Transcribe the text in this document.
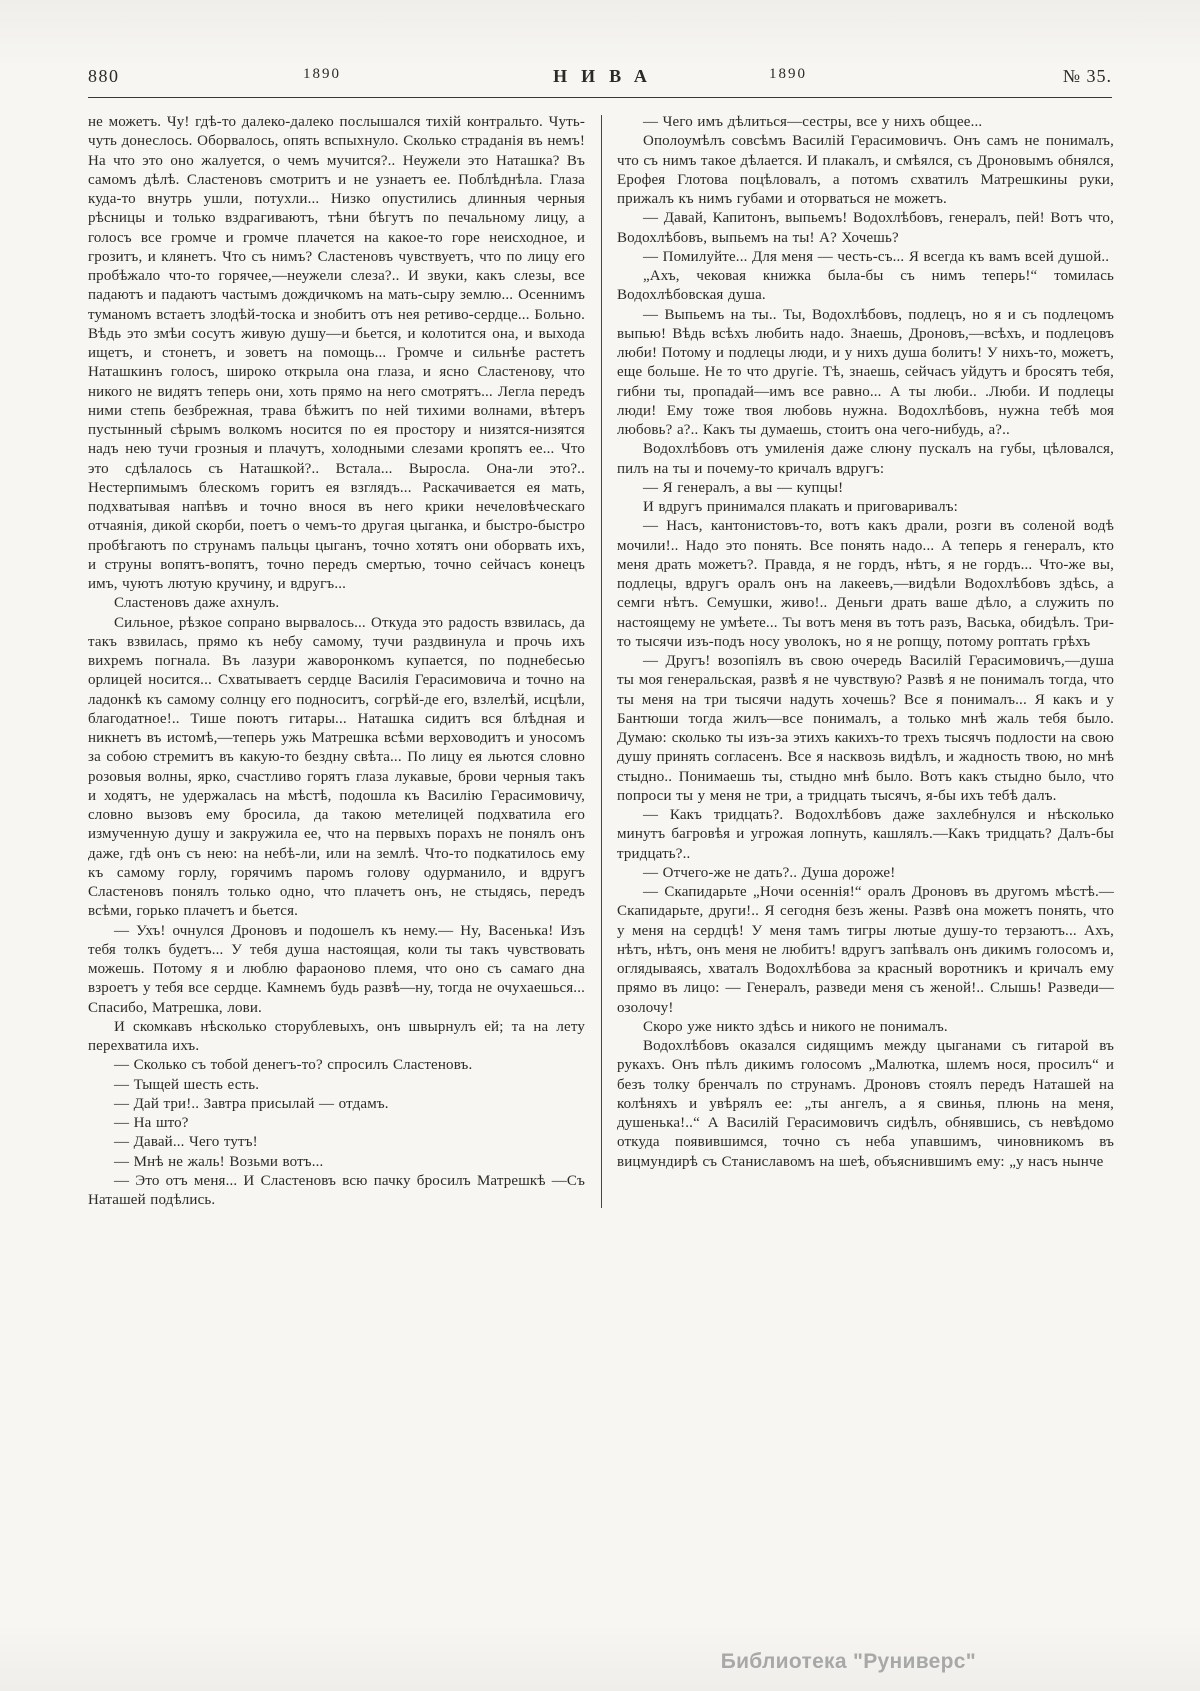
880	1890	НИВА	1890	№ 35.

не можетъ. Чу! гдѣ-то далеко-далеко послышался тихій контральто. Чуть-чуть донеслось. Оборвалось, опять вспыхнуло. Сколько страданія въ немъ! На что это оно жалуется, о чемъ мучится?.. Неужели это Наташка? Въ самомъ дѣлѣ. Сластеновъ смотритъ и не узнаетъ ее. Поблѣднѣла. Глаза куда-то внутрь ушли, потухли... Низко опустились длинныя черныя рѣсницы и только вздрагиваютъ, тѣни бѣгутъ по печальному лицу, а голосъ все громче и громче плачется на какое-то горе неисходное, и грозитъ, и клянетъ. Что съ нимъ? Сластеновъ чувствуетъ, что по лицу его пробѣжало что-то горячее,—неужели слеза?.. И звуки, какъ слезы, все падаютъ и падаютъ частымъ дождичкомъ на мать-сыру землю... Осеннимъ туманомъ встаетъ злодѣй-тоска и знобитъ отъ нея ретиво-сердце... Больно. Вѣдь это змѣи сосутъ живую душу—и бьется, и колотится она, и выхода ищетъ, и стонетъ, и зоветъ на помощь... Громче и сильнѣе растетъ Наташкинъ голосъ, широко открыла она глаза, и ясно Сластенову, что никого не видятъ теперь они, хоть прямо на него смотрятъ... Легла передъ ними степь безбрежная, трава бѣжитъ по ней тихими волнами, вѣтеръ пустынный сѣрымъ волкомъ носится по ея простору и низятся-низятся надъ нею тучи грозныя и плачутъ, холодными слезами кропятъ ее... Что это сдѣлалось съ Наташкой?.. Встала... Выросла. Она-ли это?.. Нестерпимымъ блескомъ горитъ ея взглядъ... Раскачивается ея мать, подхватывая напѣвъ и точно внося въ него крики нечеловѣческаго отчаянія, дикой скорби, поетъ о чемъ-то другая цыганка, и быстро-быстро пробѣгаютъ по струнамъ пальцы цыганъ, точно хотятъ они оборвать ихъ, и струны вопятъ-вопятъ, точно передъ смертью, точно сейчасъ конецъ имъ, чуютъ лютую кручину, и вдругъ...

Сластеновъ даже ахнулъ.

Сильное, рѣзкое сопрано вырвалось... Откуда это радость взвилась, да такъ взвилась, прямо къ небу самому, тучи раздвинула и прочь ихъ вихремъ погнала. Въ лазури жаворонкомъ купается, по поднебесью орлицей носится... Схватываетъ сердце Василія Герасимовича и точно на ладонкѣ къ самому солнцу его подноситъ, согрѣй-де его, взлелѣй, исцѣли, благодатное!.. Тише поютъ гитары... Наташка сидитъ вся блѣдная и никнетъ въ истомѣ,—теперь ужь Матрешка всѣми верховодитъ и уносомъ за собою стремитъ въ какую-то бездну свѣта... По лицу ея льются словно розовыя волны, ярко, счастливо горятъ глаза лукавые, брови черныя такъ и ходятъ, не удержалась на мѣстѣ, подошла къ Василію Герасимовичу, словно вызовъ ему бросила, да такою метелицей подхватила его измученную душу и закружила ее, что на первыхъ порахъ не понялъ онъ даже, гдѣ онъ съ нею: на небѣ-ли, или на землѣ. Что-то подкатилось ему къ самому горлу, горячимъ паромъ голову одурманило, и вдругъ Сластеновъ понялъ только одно, что плачетъ онъ, не стыдясь, передъ всѣми, горько плачетъ и бьется.

— Ухъ! очнулся Дроновъ и подошелъ къ нему.— Ну, Васенька! Изъ тебя толкъ будетъ... У тебя душа настоящая, коли ты такъ чувствовать можешь. Потому я и люблю фараоново племя, что оно съ самаго дна взроетъ у тебя все сердце. Камнемъ будь развѣ—ну, тогда не очухаешься... Спасибо, Матрешка, лови.

И скомкавъ нѣсколько сторублевыхъ, онъ швырнулъ ей; та на лету перехватила ихъ.

— Сколько съ тобой денегъ-то? спросилъ Сластеновъ.

— Тыщей шесть есть.

— Дай три!.. Завтра присылай — отдамъ.

— На што?

— Давай... Чего тутъ!

— Мнѣ не жаль! Возьми вотъ...

— Это отъ меня... И Сластеновъ всю пачку бросилъ Матрешкѣ —Съ Наташей подѣлись.

— Чего имъ дѣлиться—сестры, все у нихъ общее...

Ополоумѣлъ совсѣмъ Василій Герасимовичъ. Онъ самъ не понималъ, что съ нимъ такое дѣлается. И плакалъ, и смѣялся, съ Дроновымъ обнялся, Ерофея Глотова поцѣловалъ, а потомъ схватилъ Матрешкины руки, прижалъ къ нимъ губами и оторваться не можетъ.

— Давай, Капитонъ, выпьемъ! Водохлѣбовъ, генералъ, пей! Вотъ что, Водохлѣбовъ, выпьемъ на ты! А? Хочешь?

— Помилуйте... Для меня — честь-съ... Я всегда къ вамъ всей душой..

„Ахъ, чековая книжка была-бы съ нимъ теперь!“ томилась Водохлѣбовская душа.

— Выпьемъ на ты.. Ты, Водохлѣбовъ, подлецъ, но я и съ подлецомъ выпью! Вѣдь всѣхъ любить надо. Знаешь, Дроновъ,—всѣхъ, и подлецовъ люби! Потому и подлецы люди, и у нихъ душа болитъ! У нихъ-то, можетъ, еще больше. Не то что другіе. Тѣ, знаешь, сейчасъ уйдутъ и бросятъ тебя, гибни ты, пропадай—имъ все равно... А ты люби.. .Люби. И подлецы люди! Ему тоже твоя любовь нужна. Водохлѣбовъ, нужна тебѣ моя любовь? а?.. Какъ ты думаешь, стоитъ она чего-нибудь, а?..

Водохлѣбовъ отъ умиленія даже слюну пускалъ на губы, цѣловался, пилъ на ты и почему-то кричалъ вдругъ:

— Я генералъ, а вы — купцы!

И вдругъ принимался плакать и приговаривалъ:

— Насъ, кантонистовъ-то, вотъ какъ драли, розги въ соленой водѣ мочили!.. Надо это понять. Все понять надо... А теперь я генералъ, кто меня драть можетъ?. Правда, я не гордъ, нѣтъ, я не гордъ... Что-же вы, подлецы, вдругъ оралъ онъ на лакеевъ,—видѣли Водохлѣбовъ здѣсь, а семги нѣтъ. Семушки, живо!.. Деньги драть ваше дѣло, а служить по настоящему не умѣете... Ты вотъ меня въ тотъ разъ, Васька, обидѣлъ. Три-то тысячи изъ-подъ носу уволокъ, но я не ропщу, потому роптать грѣхъ

— Другъ! возопіялъ въ свою очередь Василій Герасимовичъ,—душа ты моя генеральская, развѣ я не чувствую? Развѣ я не понималъ тогда, что ты меня на три тысячи надуть хочешь? Все я понималъ... Я какъ и у Бантюши тогда жилъ—все понималъ, а только мнѣ жаль тебя было. Думаю: сколько ты изъ-за этихъ какихъ-то трехъ тысячъ подлости на свою душу принять согласенъ. Все я насквозь видѣлъ, и жадность твою, но мнѣ стыдно.. Понимаешь ты, стыдно мнѣ было. Вотъ какъ стыдно было, что попроси ты у меня не три, а тридцать тысячъ, я-бы ихъ тебѣ далъ.

— Какъ тридцать?. Водохлѣбовъ даже захлебнулся и нѣсколько минутъ багровѣя и угрожая лопнуть, кашлялъ.—Какъ тридцать? Далъ-бы тридцать?..

— Отчего-же не дать?.. Душа дороже!

— Скапидарьте „Ночи осеннія!“ оралъ Дроновъ въ другомъ мѣстѣ.—Скапидарьте, други!.. Я сегодня безъ жены. Развѣ она можетъ понять, что у меня на сердцѣ! У меня тамъ тигры лютые душу-то терзаютъ... Ахъ, нѣтъ, нѣтъ, онъ меня не любитъ! вдругъ запѣвалъ онъ дикимъ голосомъ и, оглядываясь, хваталъ Водохлѣбова за красный воротникъ и кричалъ ему прямо въ лицо: — Генералъ, разведи меня съ женой!.. Слышь! Разведи—озолочу!

Скоро уже никто здѣсь и никого не понималъ.

Водохлѣбовъ оказался сидящимъ между цыганами съ гитарой въ рукахъ. Онъ пѣлъ дикимъ голосомъ „Малютка, шлемъ нося, просилъ“ и безъ толку бренчалъ по струнамъ. Дроновъ стоялъ передъ Наташей на колѣняхъ и увѣрялъ ее: „ты ангелъ, а я свинья, плюнь на меня, душенька!..“ А Василій Герасимовичъ сидѣлъ, обнявшись, съ невѣдомо откуда появившимся, точно съ неба упавшимъ, чиновникомъ въ вицмундирѣ съ Станиславомъ на шеѣ, объяснившимъ ему: „у насъ нынче

Библиотека "Руниверс"
